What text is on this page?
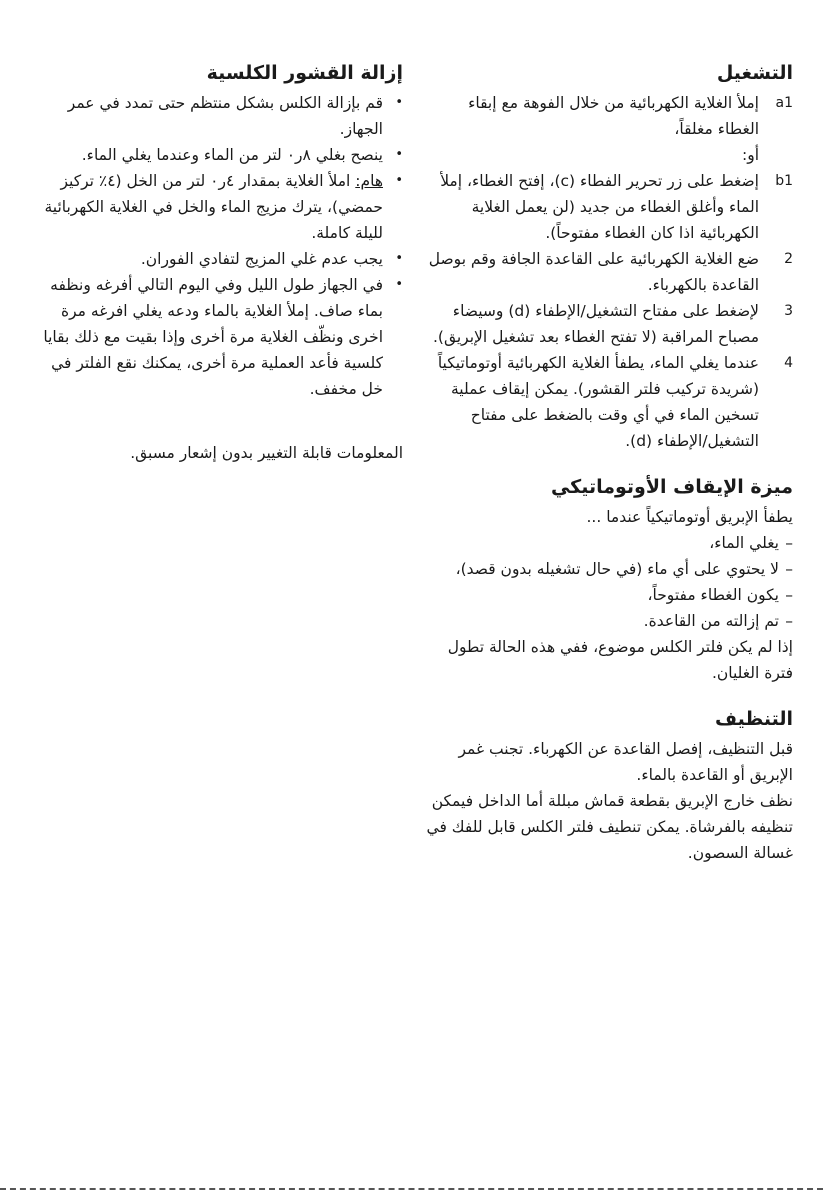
التشغيل
a1
إملأ الغلاية الكهربائية من خلال الفوهة مع إبقاء الغطاء مغلقاً،
أو:
b1
إضغط على زر تحرير الفطاء (c)، إفتح الغطاء، إملأ الماء وأغلق الغطاء من جديد (لن يعمل الغلاية الكهربائية اذا كان الغطاء مفتوحاً).
2
ضع الغلاية الكهربائية على القاعدة الجافة وقم بوصل القاعدة بالكهرباء.
3
لإضغط على مفتاح التشغيل/الإطفاء (d) وسيضاء مصباح المراقبة (لا تفتح الغطاء بعد تشغيل الإبريق).
4
عندما يغلي الماء، يطفأ الغلاية الكهربائية أوتوماتيكياً (شريدة تركيب فلتر القشور). يمكن إيقاف عملية تسخين الماء في أي وقت بالضغط على مفتاح التشغيل/الإطفاء (d).
ميزة الإيقاف الأوتوماتيكي

يطفأ الإبريق أوتوماتيكياً عندما ...

–
يغلي الماء،
–
لا يحتوي على أي ماء (في حال تشغيله بدون قصد)،
–
يكون الغطاء مفتوحاً،
–
تم إزالته من القاعدة.

إذا لم يكن فلتر الكلس موضوع، ففي هذه الحالة تطول فترة الغليان.

التنظيف

قبل التنظيف، إفصل القاعدة عن الكهرباء. تجنب غمر الإبريق أو القاعدة بالماء.

نظف خارج الإبريق بقطعة قماش مبللة أما الداخل فيمكن تنظيفه بالفرشاة. يمكن تنطيف فلتر الكلس قابل للفك في غسالة السصون.

إزالة القشور الكلسية
•
قم بإزالة الكلس بشكل منتظم حتى تمدد في عمر الجهاز.
•
ينصح بغلي ٨ر٠ لتر من الماء وعندما يغلي الماء.
•
هام: املأ الغلاية بمقدار ٤ر٠ لتر من الخل (٤٪ تركيز حمضي)، يترك مزيج الماء والخل في الغلاية الكهربائية لليلة كاملة.
•
يجب عدم غلي المزيج لتفادي الفوران.
•
في الجهاز طول الليل وفي اليوم التالي أفرغه ونظفه بماء صاف. إملأ الغلاية بالماء ودعه يغلي افرغه مرة اخرى ونظّف الغلاية مرة أخرى وإذا بقيت مع ذلك بقايا كلسية فأعد العملية مرة أخرى، يمكنك نقع الفلتر في خل مخفف.

المعلومات قابلة التغيير بدون إشعار مسبق.
